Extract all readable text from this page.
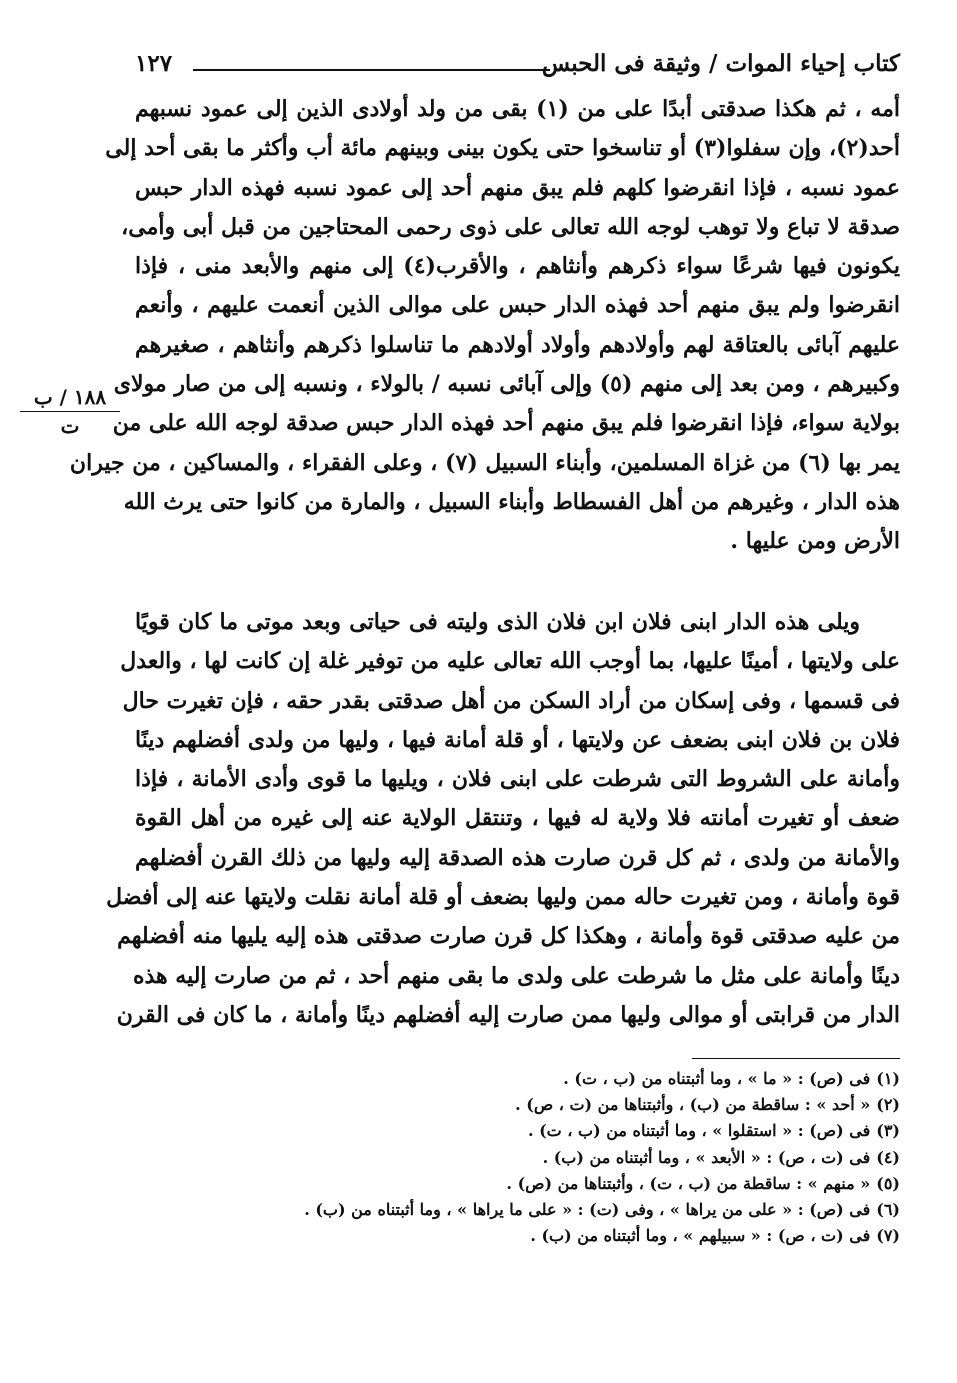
كتاب إحياء الموات / وثيقة فى الحبس
١٢٧
١٨٨ / ب
ت
أمه ، ثم هكذا صدقتى أبدًا على من (١) بقى من ولد أولادى الذين إلى عمود نسبهم
أحد(٢)، وإن سفلوا(٣) أو تناسخوا حتى يكون بينى وبينهم مائة أب وأكثر ما بقى أحد إلى
عمود نسبه ، فإذا انقرضوا كلهم فلم يبق منهم أحد إلى عمود نسبه فهذه الدار حبس
صدقة لا تباع ولا توهب لوجه الله تعالى على ذوى رحمى المحتاجين من قبل أبى وأمى،
يكونون فيها شرعًا سواء ذكرهم وأنثاهم ، والأقرب(٤) إلى منهم والأبعد منى ، فإذا
انقرضوا ولم يبق منهم أحد فهذه الدار حبس على موالى الذين أنعمت عليهم ، وأنعم
عليهم آبائى بالعتاقة لهم وأولادهم وأولاد أولادهم ما تناسلوا ذكرهم وأنثاهم ، صغيرهم
وكبيرهم ، ومن بعد إلى منهم (٥) وإلى آبائى نسبه / بالولاء ، ونسبه إلى من صار مولاى
بولاية سواء، فإذا انقرضوا فلم يبق منهم أحد فهذه الدار حبس صدقة لوجه الله على من
يمر بها (٦) من غزاة المسلمين، وأبناء السبيل (٧) ، وعلى الفقراء ، والمساكين ، من جيران
هذه الدار ، وغيرهم من أهل الفسطاط وأبناء السبيل ، والمارة من كانوا حتى يرث الله
الأرض ومن عليها .
ويلى هذه الدار ابنى فلان ابن فلان الذى وليته فى حياتى وبعد موتى ما كان قويًا
على ولايتها ، أمينًا عليها، بما أوجب الله تعالى عليه من توفير غلة إن كانت لها ، والعدل
فى قسمها ، وفى إسكان من أراد السكن من أهل صدقتى بقدر حقه ، فإن تغيرت حال
فلان بن فلان ابنى بضعف عن ولايتها ، أو قلة أمانة فيها ، وليها من ولدى أفضلهم دينًا
وأمانة على الشروط التى شرطت على ابنى فلان ، ويليها ما قوى وأدى الأمانة ، فإذا
ضعف أو تغيرت أمانته فلا ولاية له فيها ، وتنتقل الولاية عنه إلى غيره من أهل القوة
والأمانة من ولدى ، ثم كل قرن صارت هذه الصدقة إليه وليها من ذلك القرن أفضلهم
قوة وأمانة ، ومن تغيرت حاله ممن وليها بضعف أو قلة أمانة نقلت ولايتها عنه إلى أفضل
من عليه صدقتى قوة وأمانة ، وهكذا كل قرن صارت صدقتى هذه إليه يليها منه أفضلهم
دينًا وأمانة على مثل ما شرطت على ولدى ما بقى منهم أحد ، ثم من صارت إليه هذه
الدار من قرابتى أو موالى وليها ممن صارت إليه أفضلهم دينًا وأمانة ، ما كان فى القرن
(١)فى (ص) : « ما » ، وما أثبتناه من (ب ، ت) .
(٢)« أحد » : ساقطة من (ب) ، وأثبتناها من (ت ، ص) .
(٣)فى (ص) : « استقلوا » ، وما أثبتناه من (ب ، ت) .
(٤)فى (ت ، ص) : « الأبعد » ، وما أثبتناه من (ب) .
(٥)« منهم » : ساقطة من (ب ، ت) ، وأثبتناها من (ص) .
(٦)فى (ص) : « على من يراها » ، وفى (ت) : « على ما يراها » ، وما أثبتناه من (ب) .
(٧)فى (ت ، ص) : « سبيلهم » ، وما أثبتناه من (ب) .
